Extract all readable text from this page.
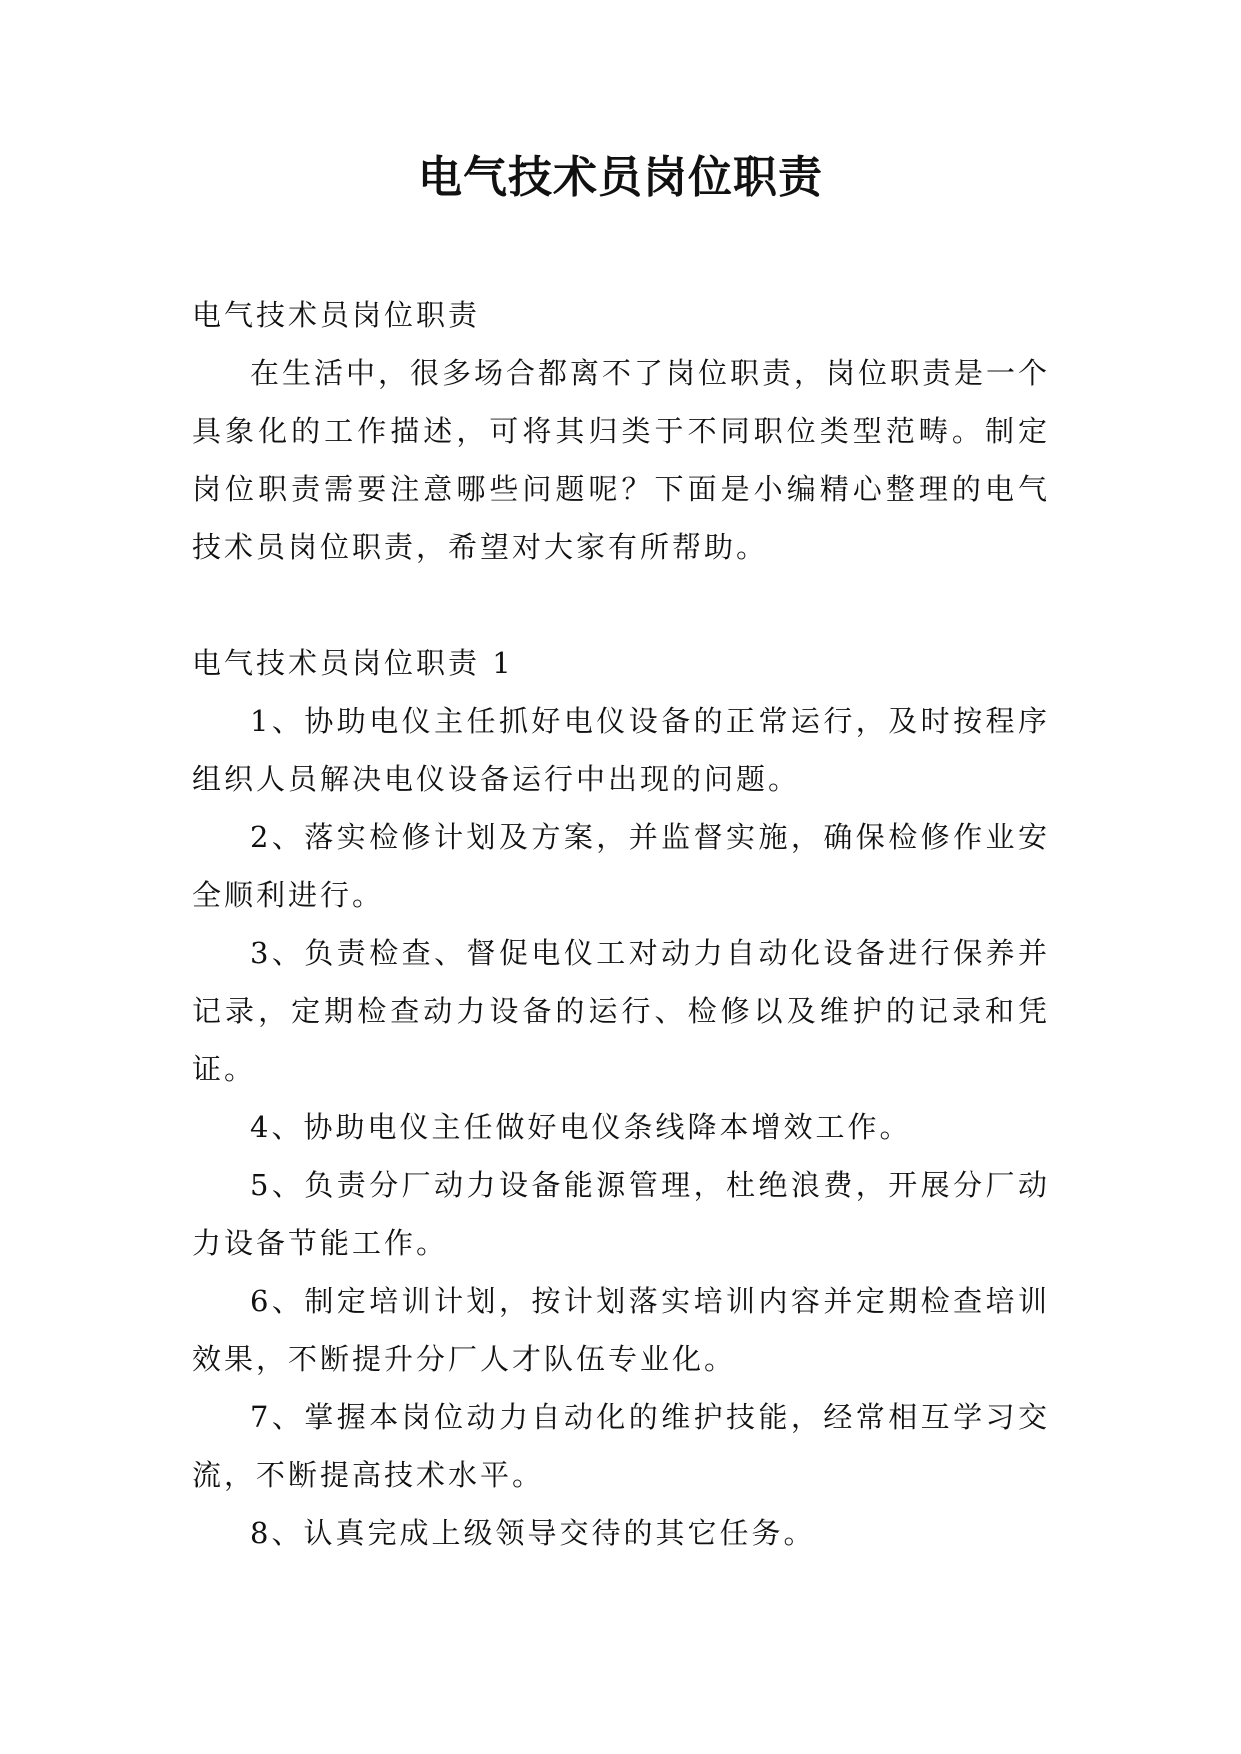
电气技术员岗位职责

电气技术员岗位职责

在生活中，很多场合都离不了岗位职责，岗位职责是一个具象化的工作描述，可将其归类于不同职位类型范畴。制定岗位职责需要注意哪些问题呢？下面是小编精心整理的电气技术员岗位职责，希望对大家有所帮助。

电气技术员岗位职责 1

1、协助电仪主任抓好电仪设备的正常运行，及时按程序组织人员解决电仪设备运行中出现的问题。

2、落实检修计划及方案，并监督实施，确保检修作业安全顺利进行。

3、负责检查、督促电仪工对动力自动化设备进行保养并记录，定期检查动力设备的运行、检修以及维护的记录和凭证。

4、协助电仪主任做好电仪条线降本增效工作。

5、负责分厂动力设备能源管理，杜绝浪费，开展分厂动力设备节能工作。

6、制定培训计划，按计划落实培训内容并定期检查培训效果，不断提升分厂人才队伍专业化。

7、掌握本岗位动力自动化的维护技能，经常相互学习交流，不断提高技术水平。

8、认真完成上级领导交待的其它任务。
